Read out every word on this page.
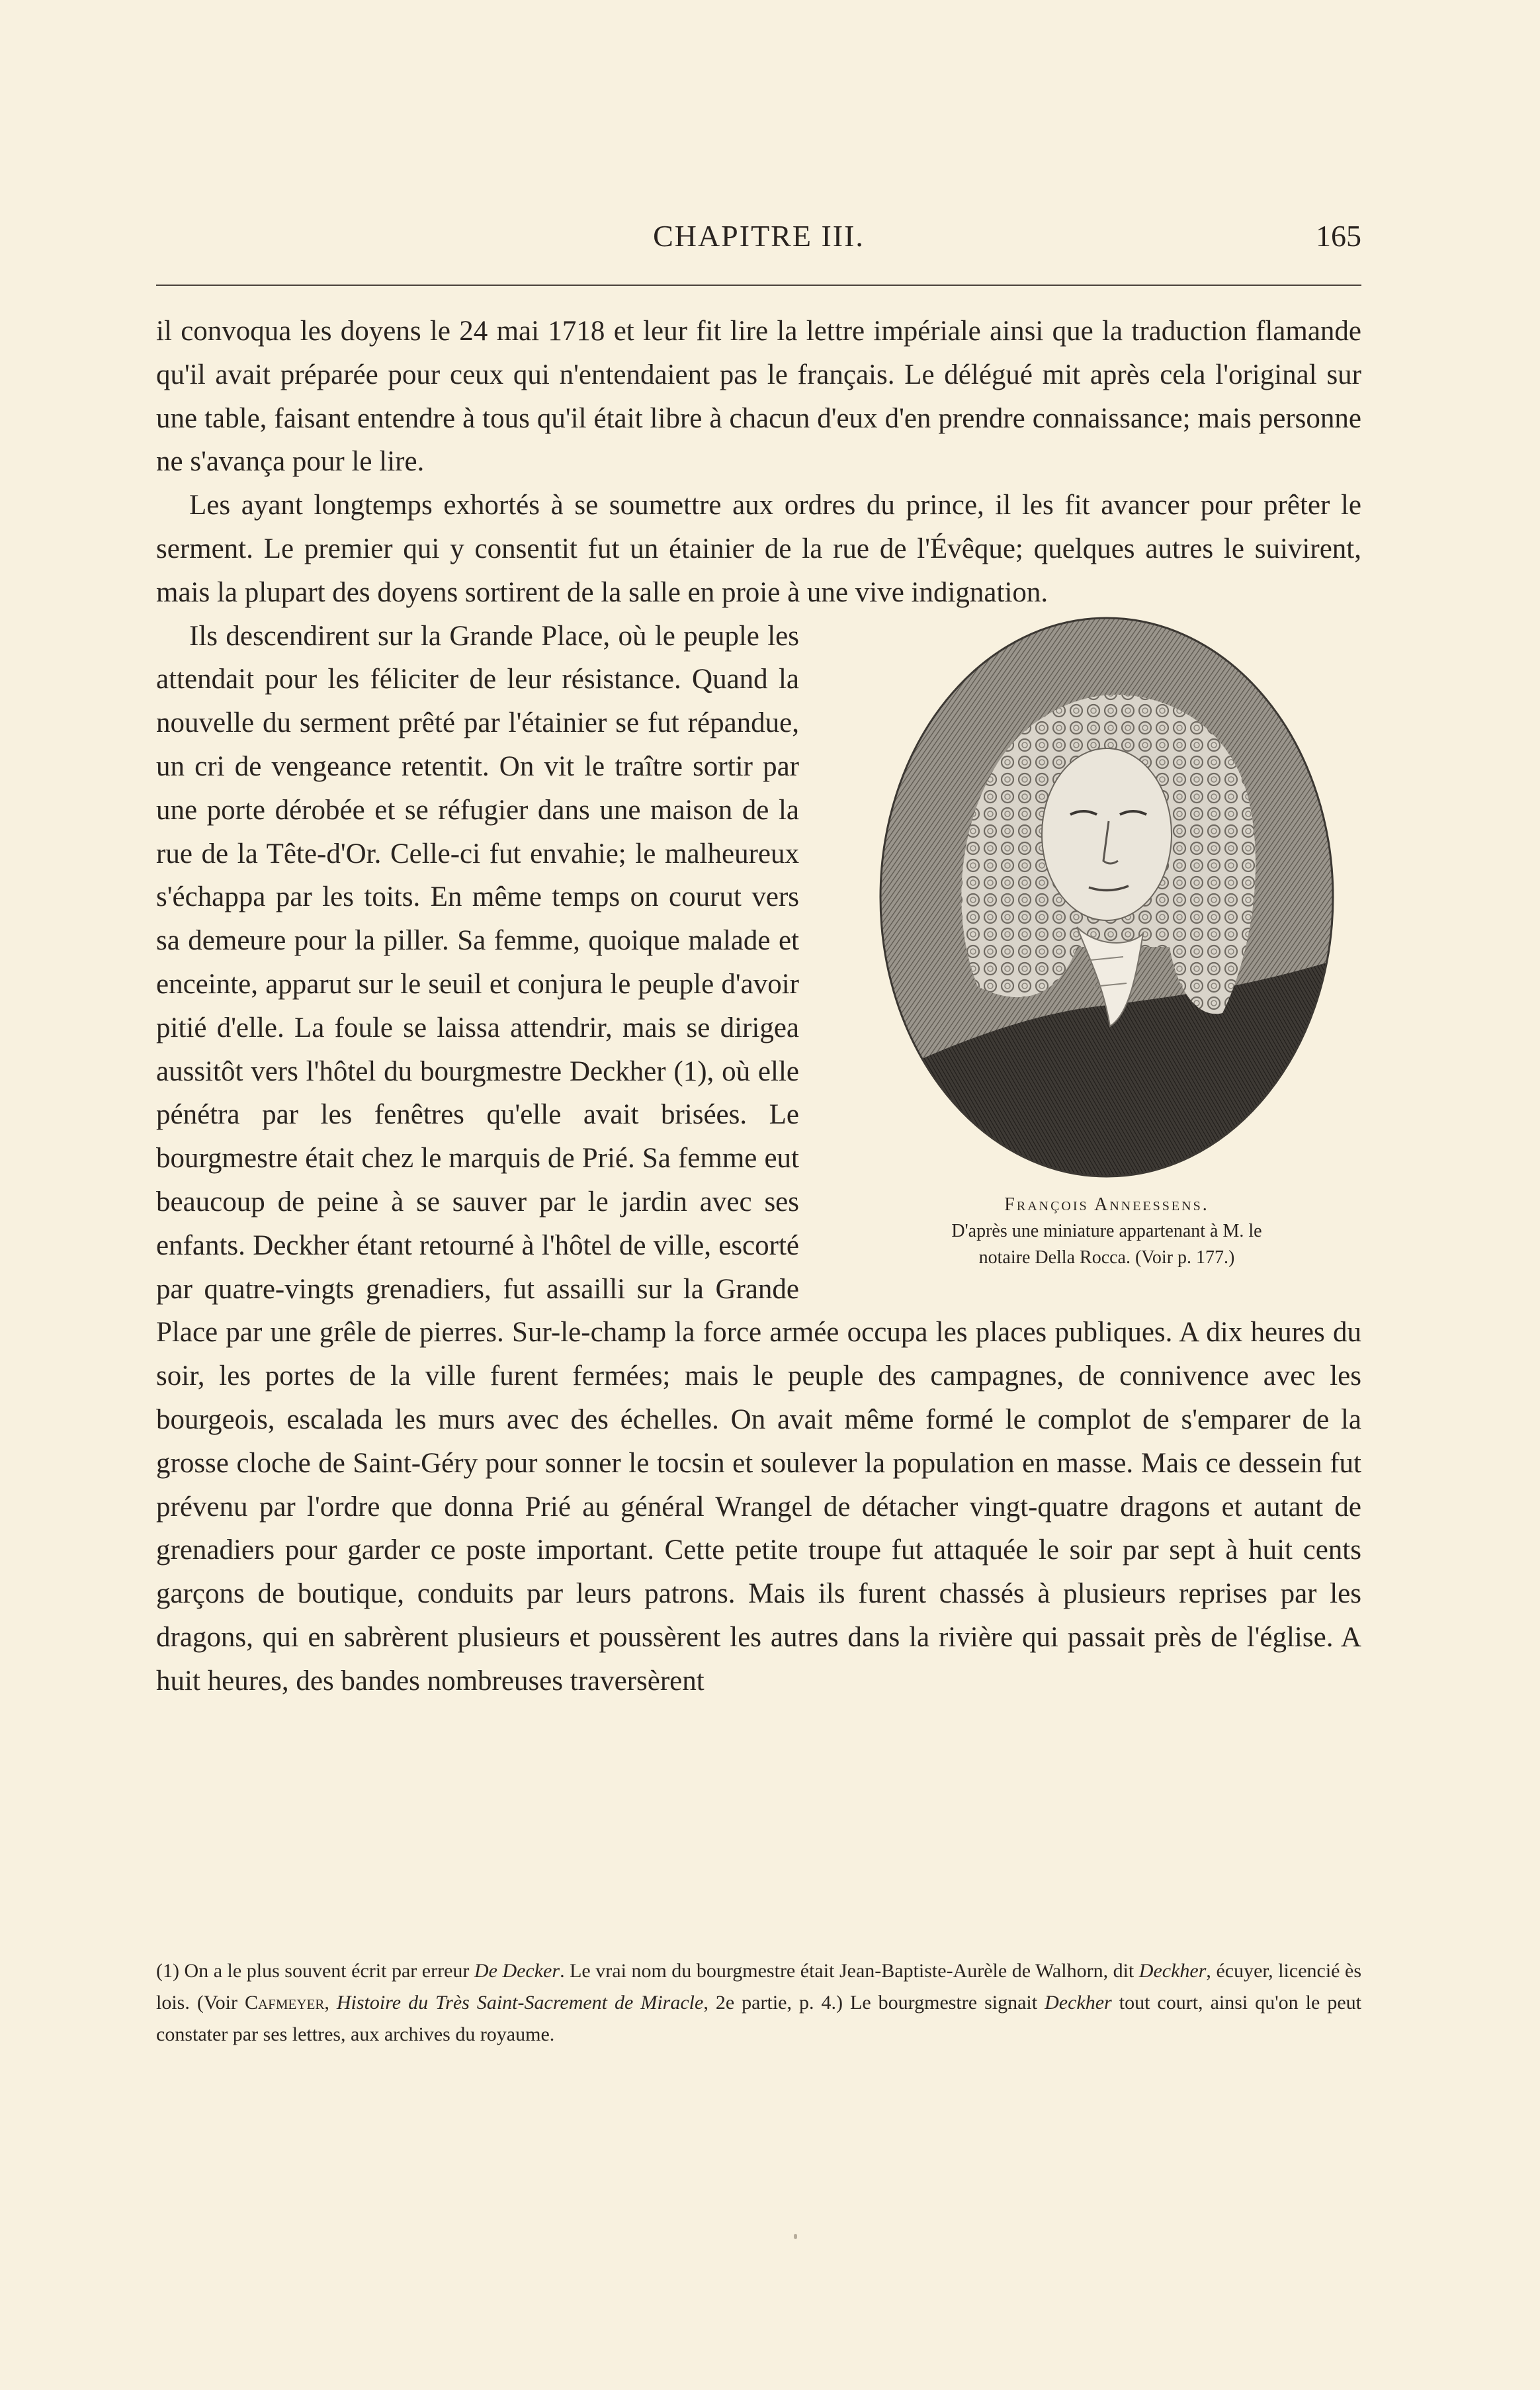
CHAPITRE III.	165

il convoqua les doyens le 24 mai 1718 et leur fit lire la lettre impériale ainsi que la traduction flamande qu'il avait préparée pour ceux qui n'entendaient pas le français. Le délégué mit après cela l'original sur une table, faisant entendre à tous qu'il était libre à chacun d'eux d'en prendre connaissance; mais personne ne s'avança pour le lire.

Les ayant longtemps exhortés à se soumettre aux ordres du prince, il les fit avancer pour prêter le serment. Le premier qui y consentit fut un étainier de la rue de l'Évêque; quelques autres le suivirent, mais la plupart des doyens sortirent de la salle en proie à une vive indignation.

François Anneessens.
D'après une miniature appartenant à M. le
notaire Della Rocca. (Voir p. 177.)

Ils descendirent sur la Grande Place, où le peuple les attendait pour les féliciter de leur résistance. Quand la nouvelle du serment prêté par l'étainier se fut répandue, un cri de vengeance retentit. On vit le traître sortir par une porte dérobée et se réfugier dans une maison de la rue de la Tête-d'Or. Celle-ci fut envahie; le malheureux s'échappa par les toits. En même temps on courut vers sa demeure pour la piller. Sa femme, quoique malade et enceinte, apparut sur le seuil et conjura le peuple d'avoir pitié d'elle. La foule se laissa attendrir, mais se dirigea aussitôt vers l'hôtel du bourgmestre Deckher (1), où elle pénétra par les fenêtres qu'elle avait brisées. Le bourgmestre était chez le marquis de Prié. Sa femme eut beaucoup de peine à se sauver par le jardin avec ses enfants. Deckher étant retourné à l'hôtel de ville, escorté par quatre-vingts grenadiers, fut assailli sur la Grande Place par une grêle de pierres. Sur-le-champ la force armée occupa les places publiques. A dix heures du soir, les portes de la ville furent fermées; mais le peuple des campagnes, de connivence avec les bourgeois, escalada les murs avec des échelles. On avait même formé le complot de s'emparer de la grosse cloche de Saint-Géry pour sonner le tocsin et soulever la population en masse. Mais ce dessein fut prévenu par l'ordre que donna Prié au général Wrangel de détacher vingt-quatre dragons et autant de grenadiers pour garder ce poste important. Cette petite troupe fut attaquée le soir par sept à huit cents garçons de boutique, conduits par leurs patrons. Mais ils furent chassés à plusieurs reprises par les dragons, qui en sabrèrent plusieurs et poussèrent les autres dans la rivière qui passait près de l'église. A huit heures, des bandes nombreuses traversèrent

(1) On a le plus souvent écrit par erreur De Decker. Le vrai nom du bourgmestre était Jean-Baptiste-Aurèle de Walhorn, dit Deckher, écuyer, licencié ès lois. (Voir Cafmeyer, Histoire du Très Saint-Sacrement de Miracle, 2e partie, p. 4.) Le bourgmestre signait Deckher tout court, ainsi qu'on le peut constater par ses lettres, aux archives du royaume.
